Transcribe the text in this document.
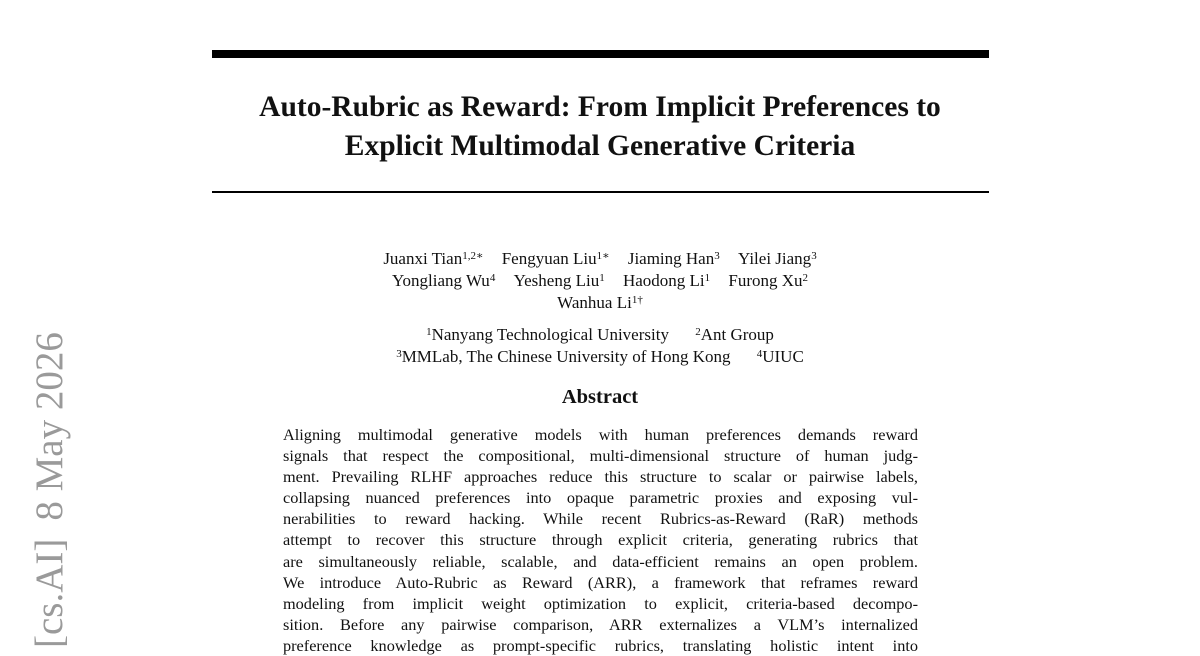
Auto-Rubric as Reward: From Implicit Preferences to
Explicit Multimodal Generative Criteria
Juanxi Tian$^{1,2∗}$ Fengyuan Liu$^{1∗}$ Jiaming Han$^3$ Yilei Jiang$^3$
Yongliang Wu$^4$ Yesheng Liu$^1$ Haodong Li$^1$ Furong Xu$^2$
Wanhua $Li^{1\dagger}$
$^1$Nanyang Technological University $^2$Ant Group
$^3$MMLab, The Chinese University of Hong Kong $^4$UIUC
Abstract
Aligning multimodal generative models with human preferences demands reward
signals that respect the compositional, multi-dimensional structure of human judg-
ment. Prevailing RLHF approaches reduce this structure to scalar or pairwise labels,
collapsing nuanced preferences into opaque parametric proxies and exposing vul-
nerabilities to reward hacking. While recent Rubrics-as-Reward (RaR) methods
attempt to recover this structure through explicit criteria, generating rubrics that
are simultaneously reliable, scalable, and data-efficient remains an open problem.
We introduce Auto-Rubric as Reward (ARR), a framework that reframes reward
modeling from implicit weight optimization to explicit, criteria-based decompo-
sition. Before any pairwise comparison, ARR externalizes a VLM’s internalized
preference knowledge as prompt-specific rubrics, translating holistic intent into
[cs.AI]8 May 2026
